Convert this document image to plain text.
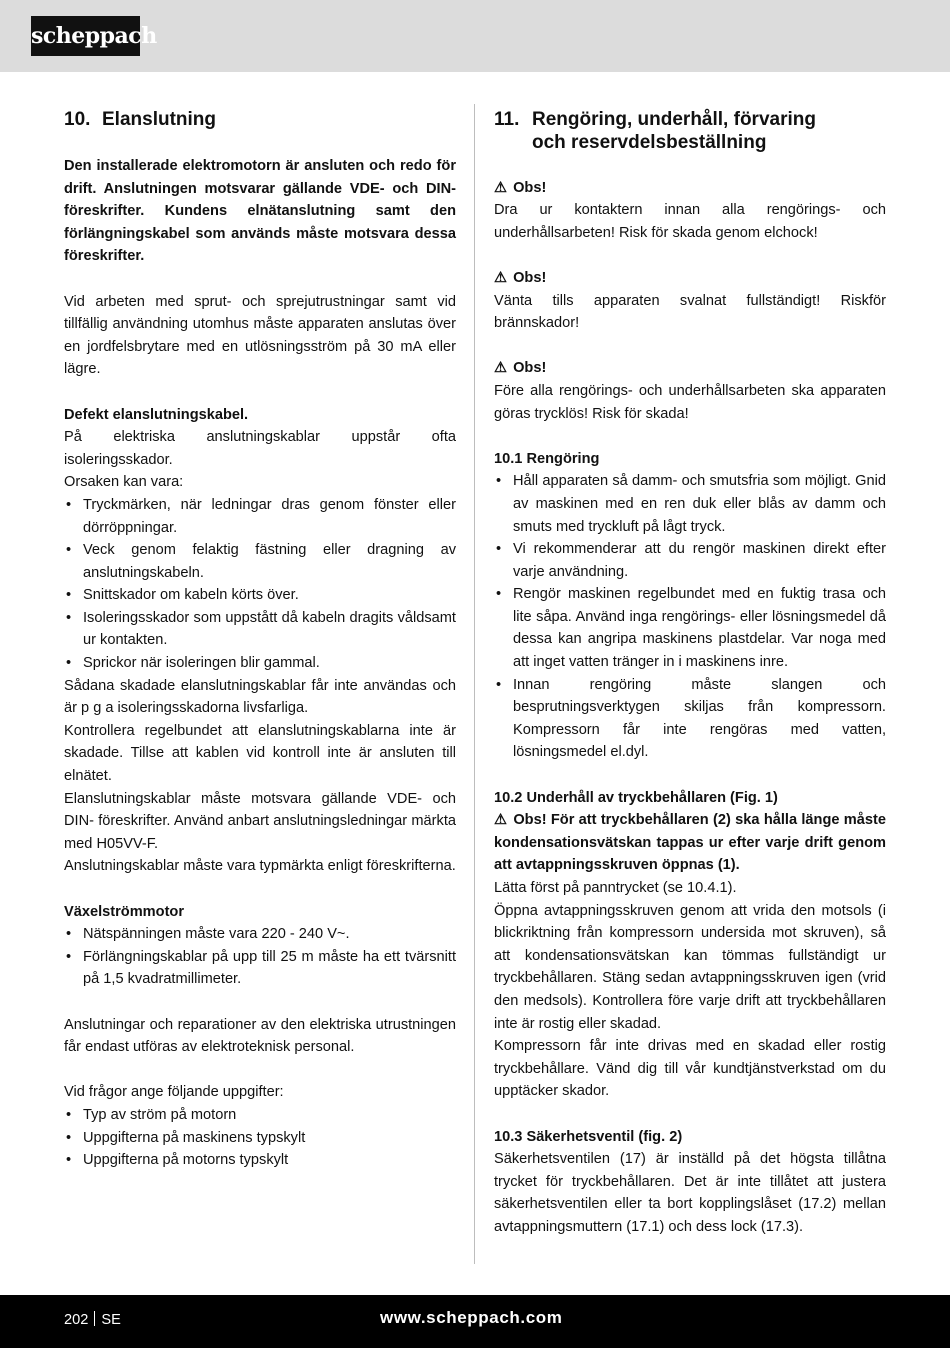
scheppach
10. Elanslutning

Den installerade elektromotorn är ansluten och redo för drift. Anslutningen motsvarar gällande VDE- och DIN-föreskrifter. Kundens elnätanslutning samt den förlängningskabel som används måste motsvara dessa föreskrifter.

Vid arbeten med sprut- och sprejutrustningar samt vid tillfällig användning utomhus måste apparaten anslutas över en jordfelsbrytare med en utlösningsström på 30 mA eller lägre.

Defekt elanslutningskabel.

På elektriska anslutningskablar uppstår ofta isoleringsskador.

Orsaken kan vara:

• Tryckmärken, när ledningar dras genom fönster eller dörröppningar.
• Veck genom felaktig fästning eller dragning av anslutningskabeln.
• Snittskador om kabeln körts över.
• Isoleringsskador som uppstått då kabeln dragits våldsamt ur kontakten.
• Sprickor när isoleringen blir gammal.

Sådana skadade elanslutningskablar får inte användas och är p g a isoleringsskadorna livsfarliga.

Kontrollera regelbundet att elanslutningskablarna inte är skadade. Tillse att kablen vid kontroll inte är ansluten till elnätet.

Elanslutningskablar måste motsvara gällande VDE- och DIN- föreskrifter. Använd anbart anslutningsledningar märkta med H05VV-F.

Anslutningskablar måste vara typmärkta enligt föreskrifterna.

Växelströmmotor

• Nätspänningen måste vara 220 - 240 V~.
• Förlängningskablar på upp till 25 m måste ha ett tvärsnitt på 1,5 kvadratmillimeter.

Anslutningar och reparationer av den elektriska utrustningen får endast utföras av elektroteknisk personal.

Vid frågor ange följande uppgifter:

• Typ av ström på motorn
• Uppgifterna på maskinens typskylt
• Uppgifterna på motorns typskylt
11. Rengöring, underhåll, förvaring
och reservdelsbeställning

⚠ Obs!

Dra ur kontaktern innan alla rengörings- och underhållsarbeten! Risk för skada genom elchock!

⚠ Obs!

Vänta tills apparaten svalnat fullständigt! Riskför brännskador!

⚠ Obs!

Före alla rengörings- och underhållsarbeten ska apparaten göras trycklös! Risk för skada!

10.1 Rengöring

• Håll apparaten så damm- och smutsfria som möjligt. Gnid av maskinen med en ren duk eller blås av damm och smuts med tryckluft på lågt tryck.
• Vi rekommenderar att du rengör maskinen direkt efter varje användning.
• Rengör maskinen regelbundet med en fuktig trasa och lite såpa. Använd inga rengörings- eller lösningsmedel då dessa kan angripa maskinens plastdelar. Var noga med att inget vatten tränger in i maskinens inre.
• Innan rengöring måste slangen och besprutningsverktygen skiljas från kompressorn. Kompressorn får inte rengöras med vatten, lösningsmedel el.dyl.

10.2 Underhåll av tryckbehållaren (Fig. 1)

⚠ Obs! För att tryckbehållaren (2) ska hålla länge måste kondensationsvätskan tappas ur efter varje drift genom att avtappningsskruven öppnas (1).

Lätta först på panntrycket (se 10.4.1).

Öppna avtappningsskruven genom att vrida den motsols (i blickriktning från kompressorn undersida mot skruven), så att kondensationsvätskan kan tömmas fullständigt ur tryckbehållaren. Stäng sedan avtappningsskruven igen (vrid den medsols). Kontrollera före varje drift att tryckbehållaren inte är rostig eller skadad.

Kompressorn får inte drivas med en skadad eller rostig tryckbehållare. Vänd dig till vår kundtjänstverkstad om du upptäcker skador.

10.3 Säkerhetsventil (fig. 2)

Säkerhetsventilen (17) är inställd på det högsta tillåtna trycket för tryckbehållaren. Det är inte tillåtet att justera säkerhetsventilen eller ta bort kopplingslåset (17.2) mellan avtappningsmuttern (17.1) och dess lock (17.3).

202 SE	www.scheppach.com
